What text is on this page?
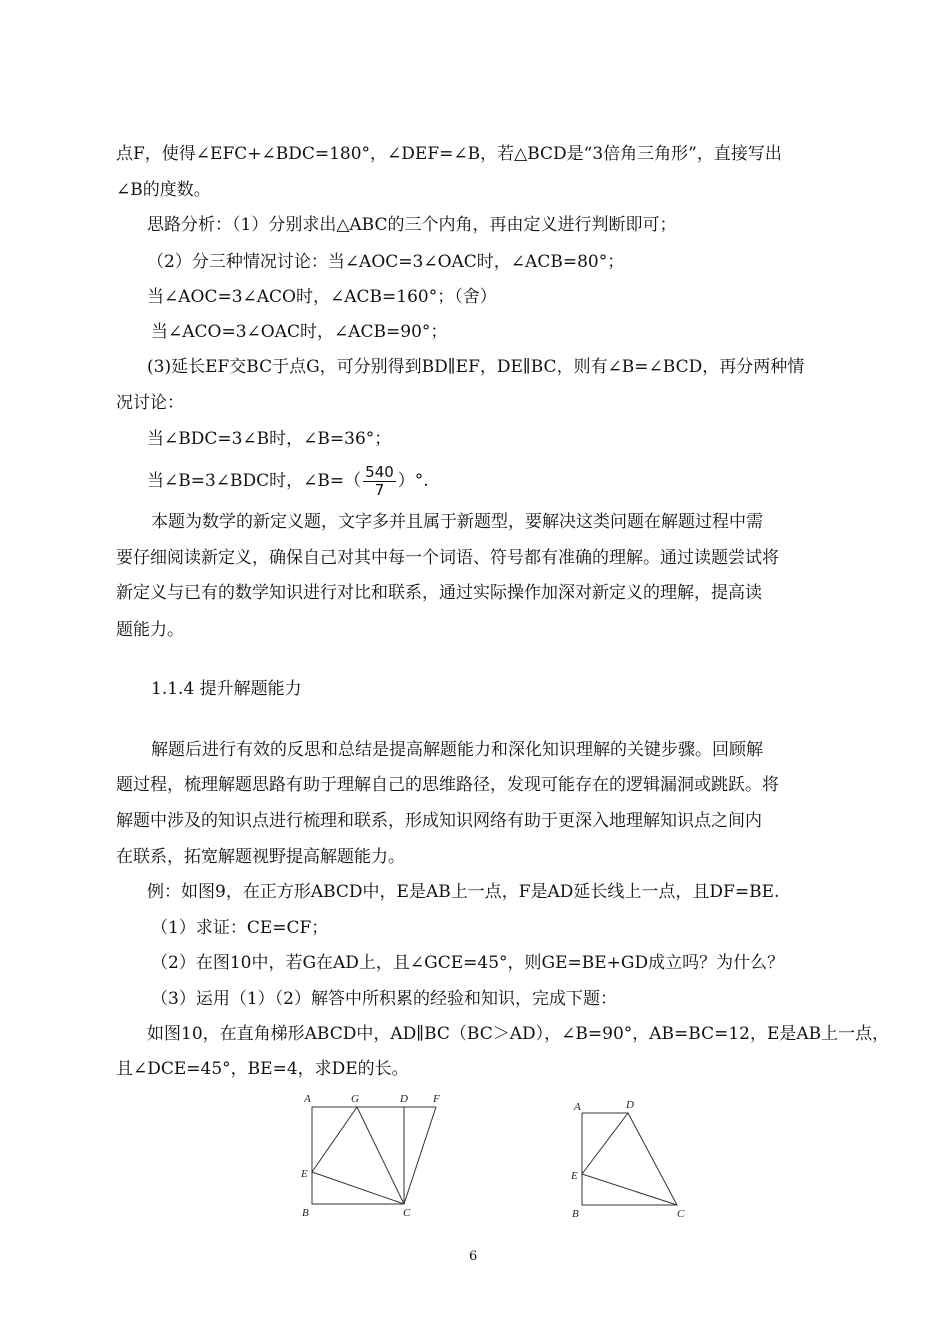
点F，使得∠EFC+∠BDC=180°，∠DEF=∠B，若△BCD是“3倍角三角形”，直接写出
∠B的度数。
思路分析：（1）分别求出△ABC的三个内角，再由定义进行判断即可；
（2）分三种情况讨论：当∠AOC=3∠OAC时，∠ACB=80°；
当∠AOC=3∠ACO时，∠ACB=160°；（舍）
当∠ACO=3∠OAC时，∠ACB=90°；
(3)延长EF交BC于点G，可分别得到BD∥EF，DE∥BC，则有∠B=∠BCD，再分两种情
况讨论：
当∠BDC=3∠B时，∠B=36°；
当∠B=3∠BDC时，∠B=（ $\frac{540}{7}$ ）°.
本题为数学的新定义题，文字多并且属于新题型，要解决这类问题在解题过程中需
要仔细阅读新定义，确保自己对其中每一个词语、符号都有准确的理解。通过读题尝试将
新定义与已有的数学知识进行对比和联系，通过实际操作加深对新定义的理解，提高读
题能力。
1.1.4 提升解题能力
解题后进行有效的反思和总结是提高解题能力和深化知识理解的关键步骤。回顾解
题过程，梳理解题思路有助于理解自己的思维路径，发现可能存在的逻辑漏洞或跳跃。将
解题中涉及的知识点进行梳理和联系，形成知识网络有助于更深入地理解知识点之间内
在联系，拓宽解题视野提高解题能力。
例：如图9，在正方形ABCD中，E是AB上一点，F是AD延长线上一点，且DF=BE.
（1）求证：CE=CF；
（2）在图10中，若G在AD上，且∠GCE=45°，则GE=BE+GD成立吗？为什么？
（3）运用（1）（2）解答中所积累的经验和知识，完成下题：
如图10，在直角梯形ABCD中，AD∥BC（BC＞AD），∠B=90°，AB=BC=12，E是AB上一点，
且∠DCE=45°，BE=4，求DE的长。
A	G	D F
E
B	C
A	D
E
B	C
6
